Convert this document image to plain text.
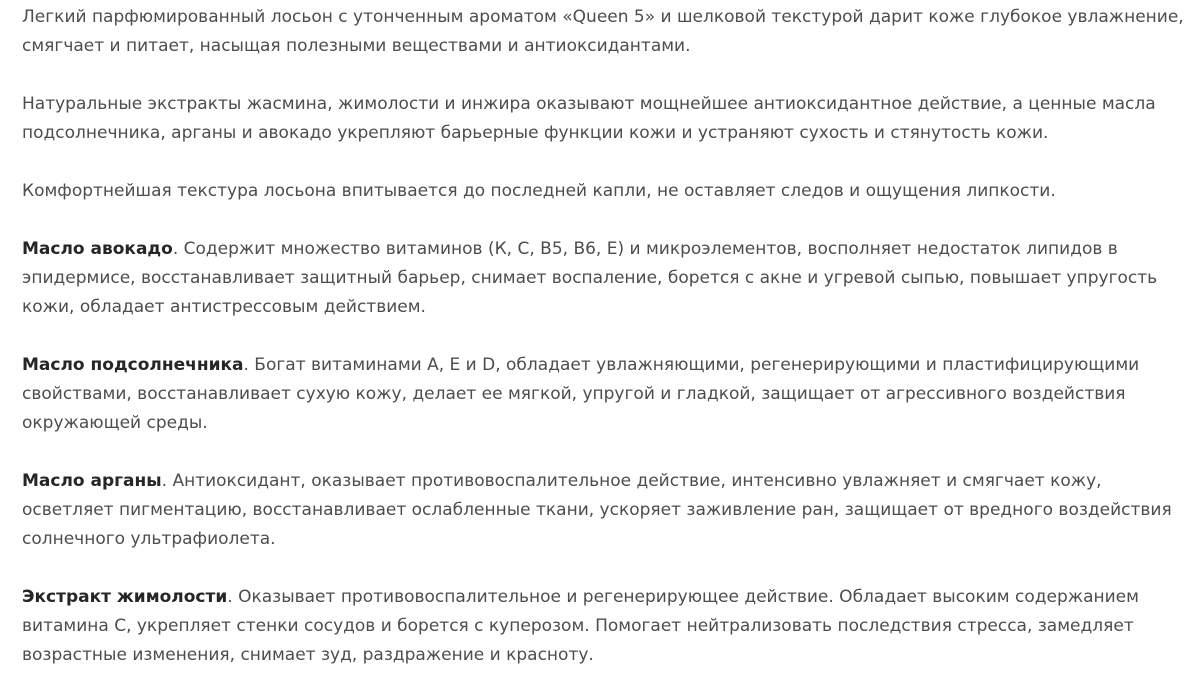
Легкий парфюмированный лосьон с утонченным ароматом «Queen 5» и шелковой текстурой дарит коже глубокое увлажнение, смягчает и питает, насыщая полезными веществами и антиоксидантами.

Натуральные экстракты жасмина, жимолости и инжира оказывают мощнейшее антиоксидантное действие, а ценные масла подсолнечника, арганы и авокадо укрепляют барьерные функции кожи и устраняют сухость и стянутость кожи.

Комфортнейшая текстура лосьона впитывается до последней капли, не оставляет следов и ощущения липкости.

Масло авокадо. Содержит множество витаминов (К, С, В5, В6, Е) и микроэлементов, восполняет недостаток липидов в эпидермисе, восстанавливает защитный барьер, снимает воспаление, борется с акне и угревой сыпью, повышает упругость кожи, обладает антистрессовым действием.

Масло подсолнечника. Богат витаминами А, Е и D, обладает увлажняющими, регенерирующими и пластифицирующими свойствами, восстанавливает сухую кожу, делает ее мягкой, упругой и гладкой, защищает от агрессивного воздействия окружающей среды.

Масло арганы. Антиоксидант, оказывает противовоспалительное действие, интенсивно увлажняет и смягчает кожу, осветляет пигментацию, восстанавливает ослабленные ткани, ускоряет заживление ран, защищает от вредного воздействия солнечного ультрафиолета.

Экстракт жимолости. Оказывает противовоспалительное и регенерирующее действие. Обладает высоким содержанием витамина С, укрепляет стенки сосудов и борется с куперозом. Помогает нейтрализовать последствия стресса, замедляет возрастные изменения, снимает зуд, раздражение и красноту.
